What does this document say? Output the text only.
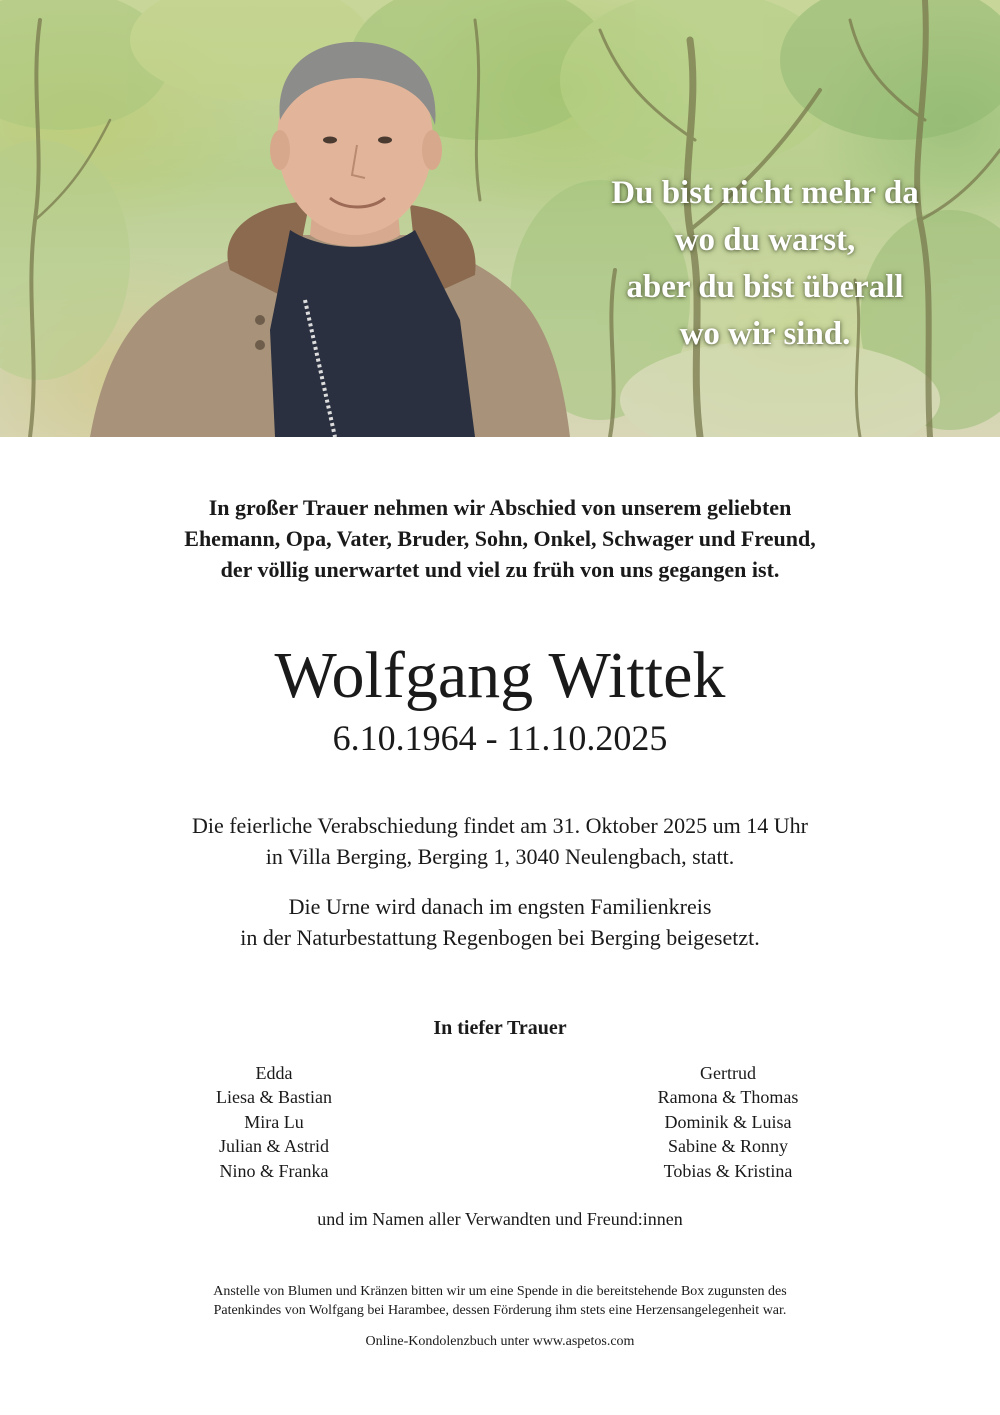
Du bist nicht mehr da
wo du warst,
aber du bist überall
wo wir sind.
In großer Trauer nehmen wir Abschied von unserem geliebten
Ehemann, Opa, Vater, Bruder, Sohn, Onkel, Schwager und Freund,
der völlig unerwartet und viel zu früh von uns gegangen ist.
Wolfgang Wittek
6.10.1964 - 11.10.2025
Die feierliche Verabschiedung findet am 31. Oktober 2025 um 14 Uhr
in Villa Berging, Berging 1, 3040 Neulengbach, statt.
Die Urne wird danach im engsten Familienkreis
in der Naturbestattung Regenbogen bei Berging beigesetzt.
In tiefer Trauer
Edda
Liesa & Bastian
Mira Lu
Julian & Astrid
Nino & Franka
Gertrud
Ramona & Thomas
Dominik & Luisa
Sabine & Ronny
Tobias & Kristina
und im Namen aller Verwandten und Freund:innen
Anstelle von Blumen und Kränzen bitten wir um eine Spende in die bereitstehende Box zugunsten des
Patenkindes von Wolfgang bei Harambee, dessen Förderung ihm stets eine Herzensangelegenheit war.
Online-Kondolenzbuch unter www.aspetos.com
